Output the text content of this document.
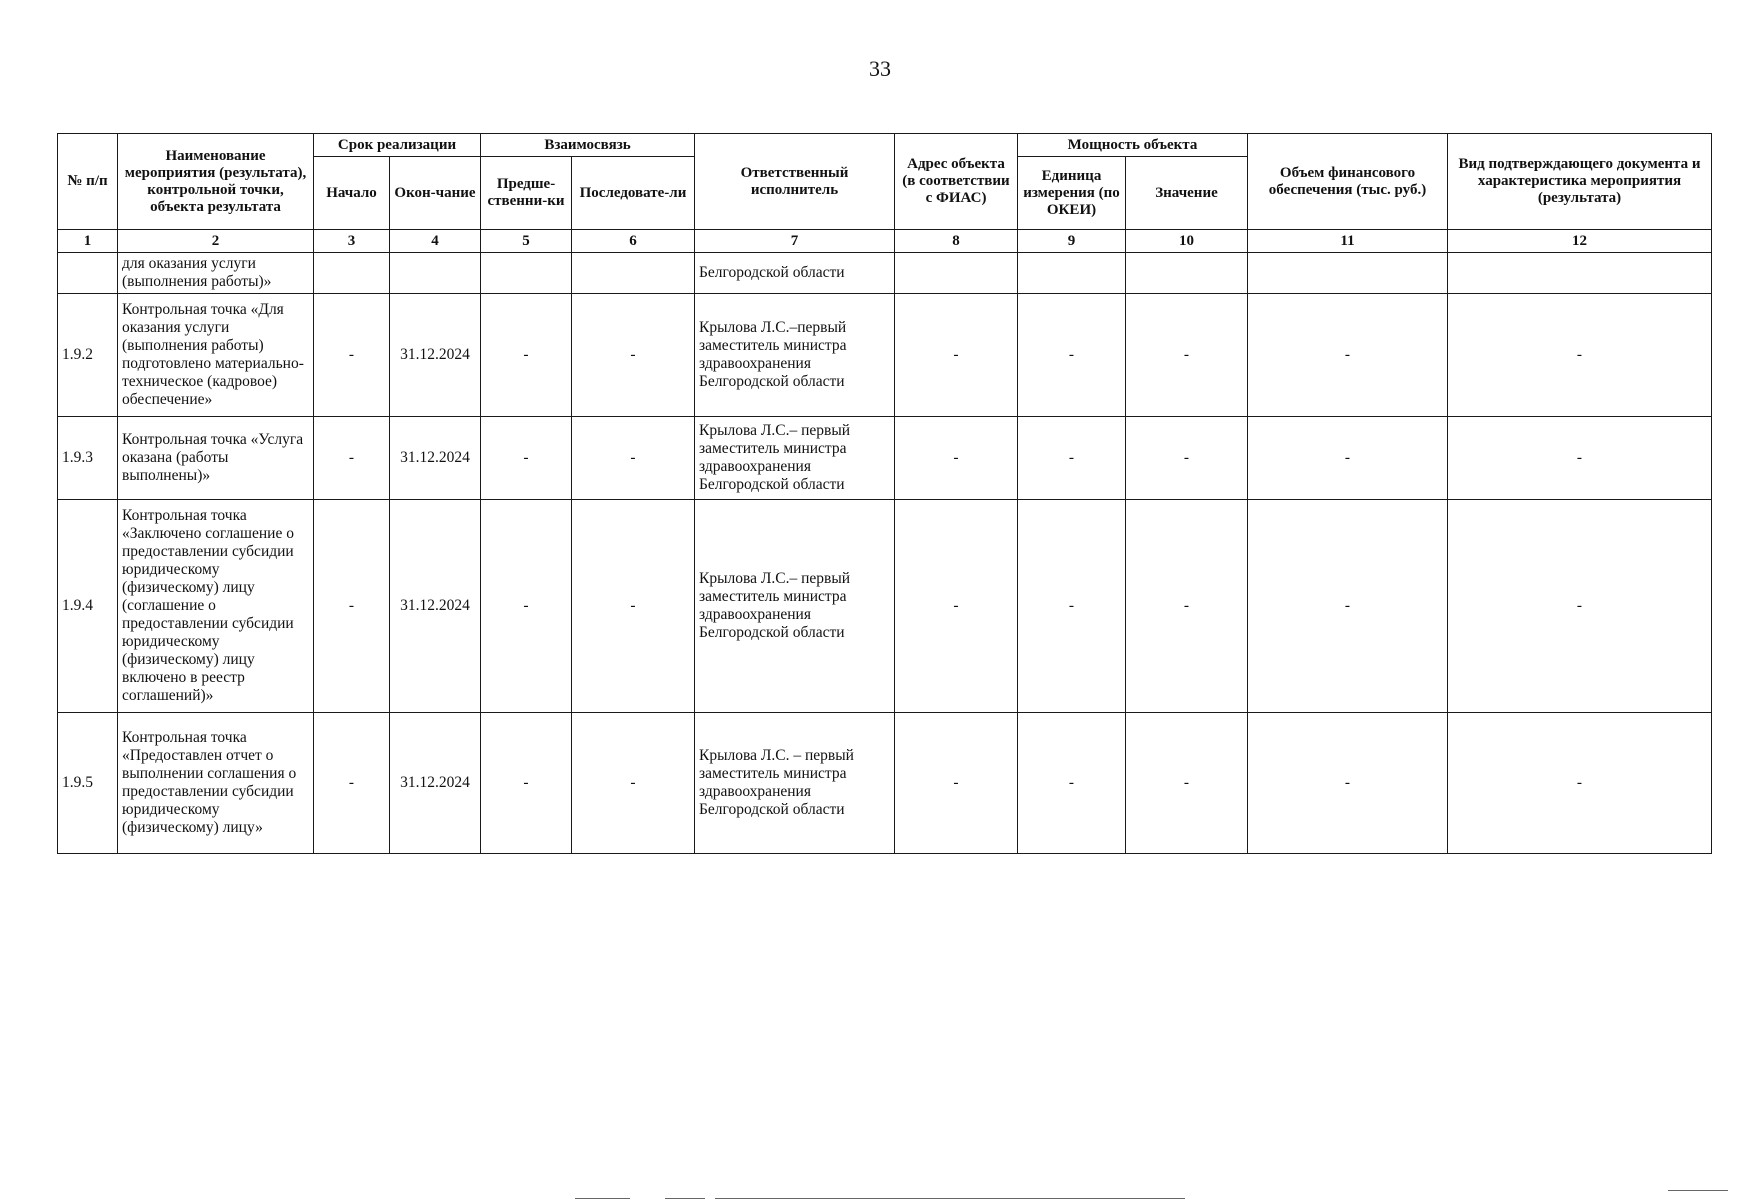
33
№ п/п	Наименование мероприятия (результата), контрольной точки, объекта результата	Срок реализации		Взаимосвязь		Ответственный исполнитель	Адрес объекта (в соответствии с ФИАС)	Мощность объекта		Объем финансового обеспечения (тыс. руб.)	Вид подтверждающего документа и характеристика мероприятия (результата)
		Начало	Окон-чание	Предше-ственни-ки	Последовате-ли			Единица измерения (по ОКЕИ)	Значение		
1	2	3	4	5	6	7	8	9	10	11	12
	для оказания услуги (выполнения работы)»					Белгородской области					
1.9.2	Контрольная точка «Для оказания услуги (выполнения работы) подготовлено материально-техническое (кадровое) обеспечение»	-	31.12.2024	-	-	Крылова Л.С.–первый заместитель министра здравоохранения Белгородской области	-	-	-	-	-
1.9.3	Контрольная точка «Услуга оказана (работы выполнены)»	-	31.12.2024	-	-	Крылова Л.С.– первый заместитель министра здравоохранения Белгородской области	-	-	-	-	-
1.9.4	Контрольная точка «Заключено соглашение о предоставлении субсидии юридическому (физическому) лицу (соглашение о предоставлении субсидии юридическому (физическому) лицу включено в реестр соглашений)»	-	31.12.2024	-	-	Крылова Л.С.– первый заместитель министра здравоохранения Белгородской области	-	-	-	-	-
1.9.5	Контрольная точка «Предоставлен отчет о выполнении соглашения о предоставлении субсидии юридическому (физическому) лицу»	-	31.12.2024	-	-	Крылова Л.С. – первый заместитель министра здравоохранения Белгородской области	-	-	-	-	-
